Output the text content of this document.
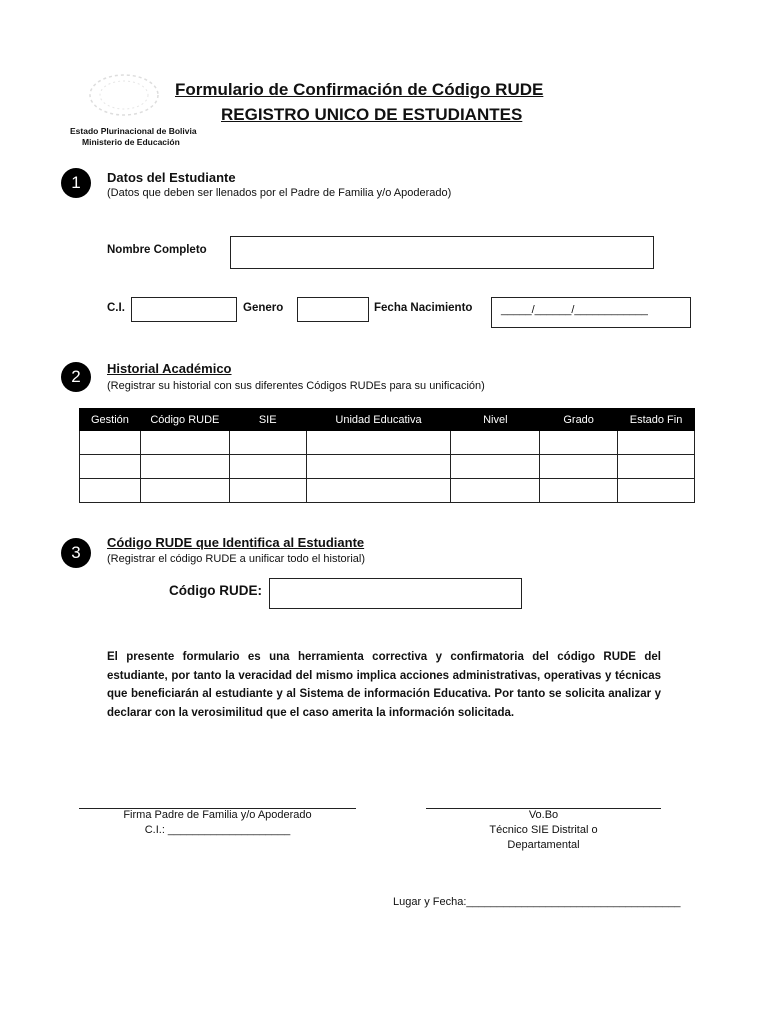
Estado Plurinacional de Bolivia
Ministerio de Educación
Formulario de Confirmación de Código RUDE
REGISTRO UNICO DE ESTUDIANTES
1	Datos del Estudiante
(Datos que deben ser llenados por el Padre de Familia y/o Apoderado)
Nombre Completo
C.I.	Genero	Fecha Nacimiento	_____/______/____________
2	Historial Académico
(Registrar su historial con sus diferentes Códigos RUDEs para su unificación)
Gestión	Código RUDE	SIE	Unidad Educativa	Nivel	Grado	Estado Fin

3
Código RUDE que Identifica al Estudiante
(Registrar el código RUDE a unificar todo el historial)
Código RUDE:
El presente formulario es una herramienta correctiva y confirmatoria del código RUDE del estudiante, por tanto la veracidad del mismo implica acciones administrativas, operativas y técnicas que beneficiarán al estudiante y al Sistema de información Educativa. Por tanto se solicita analizar y declarar con la verosimilitud que el caso amerita la información solicitada.
Firma Padre de Familia y/o Apoderado
C.I.: ____________________
Vo.Bo
Técnico SIE Distrital o
Departamental
Lugar y Fecha:___________________________________
